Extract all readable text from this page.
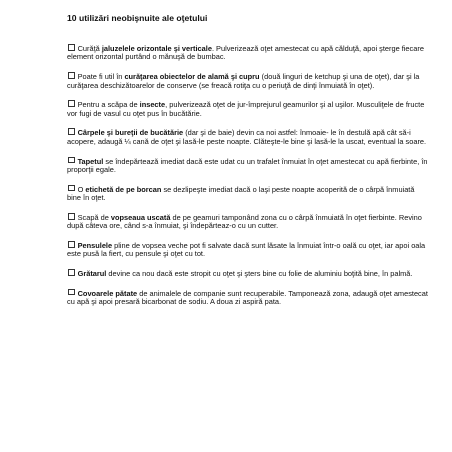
10 utilizări neobişnuite ale oţetului
Curăţă jaluzelele orizontale şi verticale. Pulverizează oţet amestecat cu apă călduţă, apoi şterge fiecare element orizontal purtând o mănuşă de bumbac.
Poate fi util în curăţarea obiectelor de alamă şi cupru (două linguri de ketchup şi una de oţet), dar şi la curăţarea deschizătoarelor de conserve (se freacă rotiţa cu o periuţă de dinţi înmuiată în oţet).
Pentru a scăpa de insecte, pulverizează oţet de jur-împrejurul geamurilor şi al uşilor. Musculiţele de fructe vor fugi de vasul cu oţet pus în bucătărie.
Cârpele şi bureţii de bucătărie (dar şi de baie) devin ca noi astfel: înmoaie- le în destulă apă cât să-i acopere, adaugă ¼ cană de oţet şi lasă-le peste noapte. Clăteşte-le bine şi lasă-le la uscat, eventual la soare.
Tapetul se îndepărtează imediat dacă este udat cu un trafalet înmuiat în oţet amestecat cu apă fierbinte, în proporţii egale.
O etichetă de pe borcan se dezlipeşte imediat dacă o laşi peste noapte acoperită de o cârpă înmuiată bine în oţet.
Scapă de vopseaua uscată de pe geamuri tamponând zona cu o cârpă înmuiată în oţet fierbinte. Revino după câteva ore, când s-a înmuiat, şi îndepărteaz-o cu un cutter.
Pensulele pline de vopsea veche pot fi salvate dacă sunt lăsate la înmuiat într-o oală cu oţet, iar apoi oala este pusă la fiert, cu pensule şi oţet cu tot.
Grătarul devine ca nou dacă este stropit cu oţet şi şters bine cu folie de aluminiu boţită bine, în palmă.
Covoarele pătate de animalele de companie sunt recuperabile. Tamponează zona, adaugă oţet amestecat cu apă şi apoi presară bicarbonat de sodiu. A doua zi aspiră pata.
